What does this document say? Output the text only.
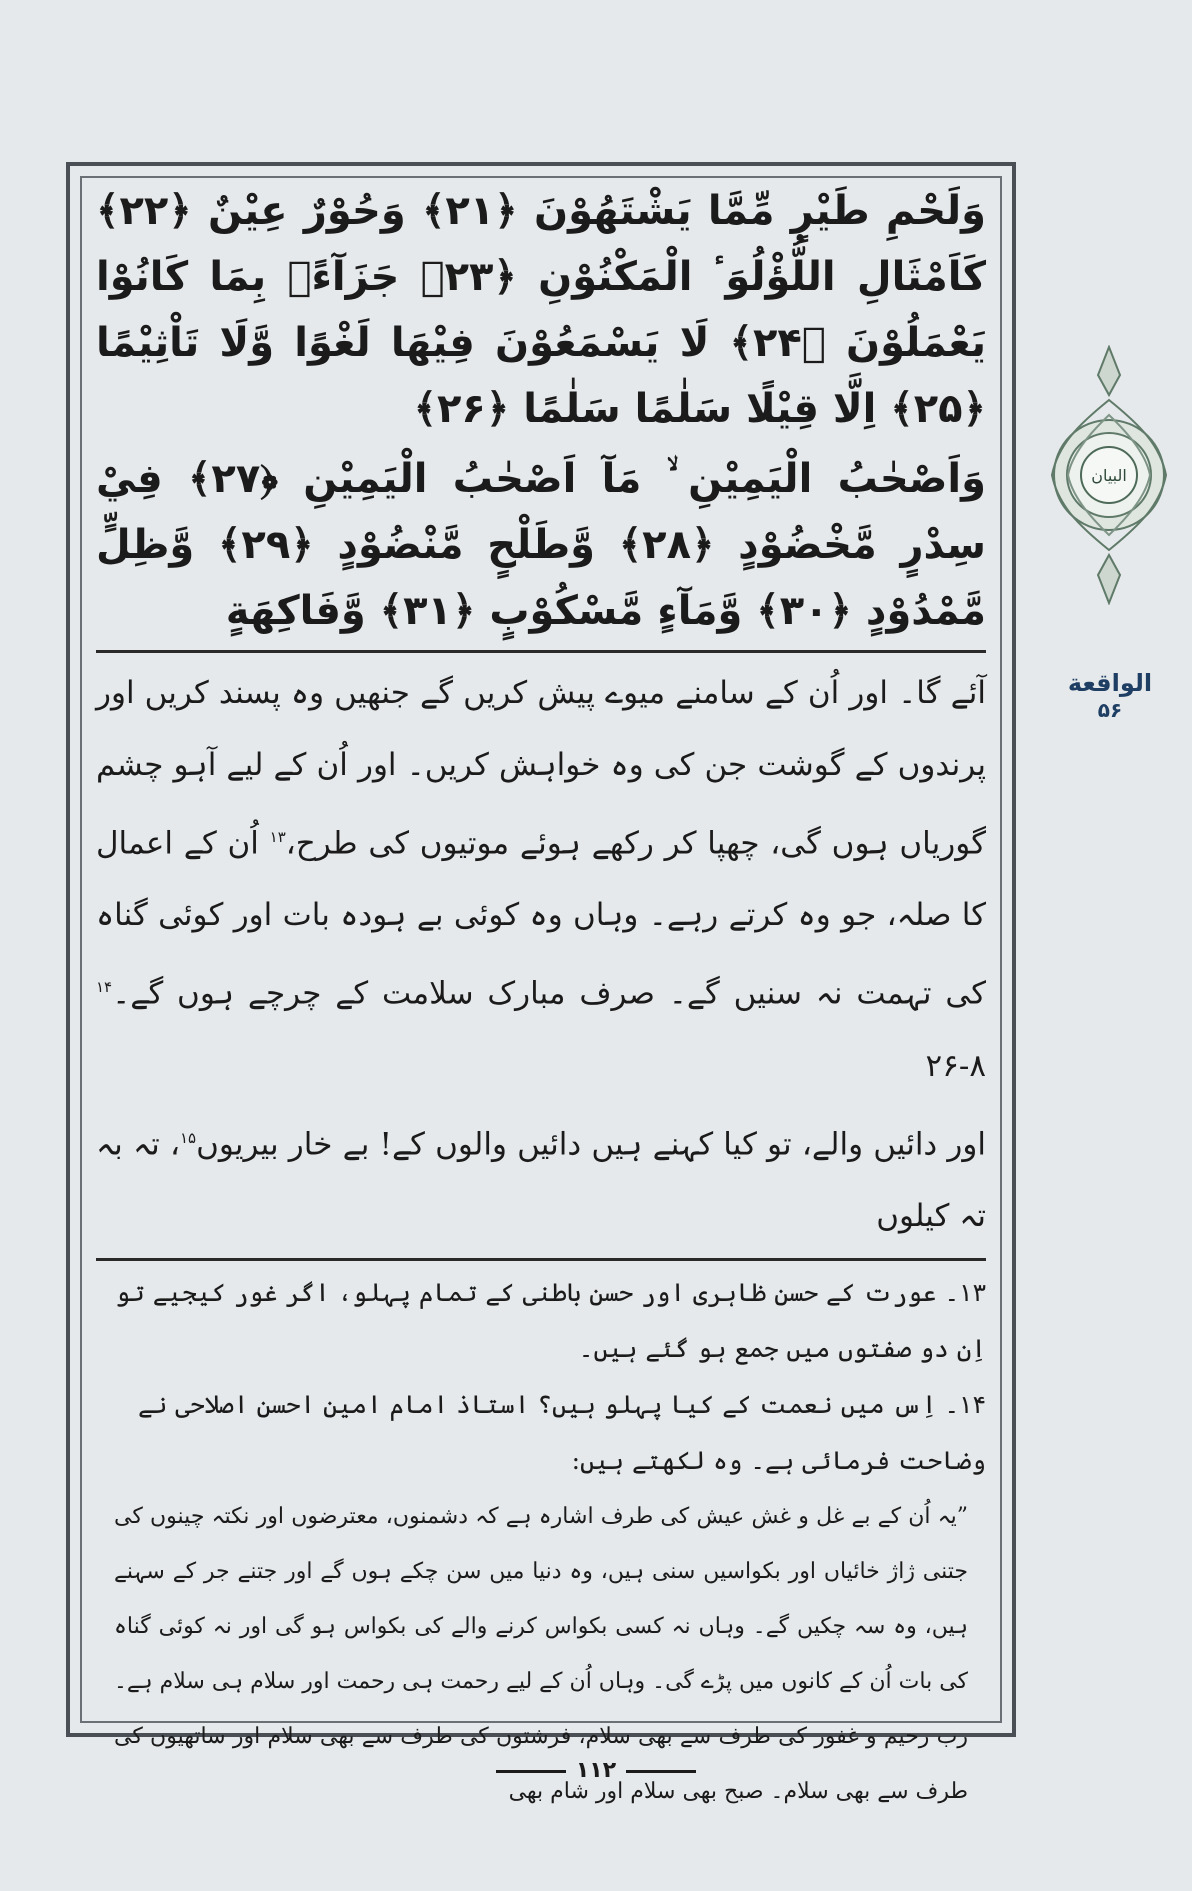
البیان
الواقعة
۵۶

وَلَحْمِ طَيْرٍ مِّمَّا يَشْتَهُوْنَ ﴿۲۱﴾ وَحُوْرٌ عِيْنٌ ﴿۲۲﴾ كَاَمْثَالِ اللُّؤْلُوَٴ الْمَكْنُوْنِ ﴿۲۳﴾ جَزَآءًۢ بِمَا كَانُوْا يَعْمَلُوْنَ ﴿۲۴﴾ لَا يَسْمَعُوْنَ فِيْهَا لَغْوًا وَّلَا تَاْثِيْمًا ﴿۲۵﴾ اِلَّا قِيْلًا سَلٰمًا سَلٰمًا ﴿۲۶﴾

وَاَصْحٰبُ الْيَمِيْنِ ۙ مَآ اَصْحٰبُ الْيَمِيْنِ ﴿۲۷﴾ فِيْ سِدْرٍ مَّخْضُوْدٍ ﴿۲۸﴾ وَّطَلْحٍ مَّنْضُوْدٍ ﴿۲۹﴾ وَّظِلٍّ مَّمْدُوْدٍ ﴿۳۰﴾ وَّمَآءٍ مَّسْكُوْبٍ ﴿۳۱﴾ وَّفَاكِهَةٍ

آئے گا۔ اور اُن کے سامنے میوے پیش کریں گے جنھیں وہ پسند کریں اور پرندوں کے گوشت جن کی وہ خواہش کریں۔ اور اُن کے لیے آہو چشم گوریاں ہوں گی، چھپا کر رکھے ہوئے موتیوں کی طرح،$^{۱۳}$ اُن کے اعمال کا صلہ، جو وہ کرتے رہے۔ وہاں وہ کوئی بے ہودہ بات اور کوئی گناہ کی تہمت نہ سنیں گے۔ صرف مبارک سلامت کے چرچے ہوں گے۔$^{۱۴}$ ۸-۲۶

اور دائیں والے، تو کیا کہنے ہیں دائیں والوں کے! بے خار بیریوں$^{۱۵}$، تہ بہ تہ کیلوں

۱۳۔ عورت کے حسن ظاہری اور حسن باطنی کے تمام پہلو، اگر غور کیجیے تو اِن دو صفتوں میں جمع ہو گئے ہیں۔

۱۴۔ اِس میں نعمت کے کیا پہلو ہیں؟ استاذ امام امین احسن اصلاحی نے وضاحت فرمائی ہے۔ وہ لکھتے ہیں:

”یہ اُن کے بے غل و غش عیش کی طرف اشارہ ہے کہ دشمنوں، معترضوں اور نکتہ چینوں کی جتنی ژاژ خائیاں اور بکواسیں سنی ہیں، وہ دنیا میں سن چکے ہوں گے اور جتنے جر کے سہنے ہیں، وہ سہ چکیں گے۔ وہاں نہ کسی بکواس کرنے والے کی بکواس ہو گی اور نہ کوئی گناہ کی بات اُن کے کانوں میں پڑے گی۔ وہاں اُن کے لیے رحمت ہی رحمت اور سلام ہی سلام ہے۔ رب رحیم و غفور کی طرف سے بھی سلام، فرشتوں کی طرف سے بھی سلام اور ساتھیوں کی طرف سے بھی سلام۔ صبح بھی سلام اور شام بھی

۱۱۲
